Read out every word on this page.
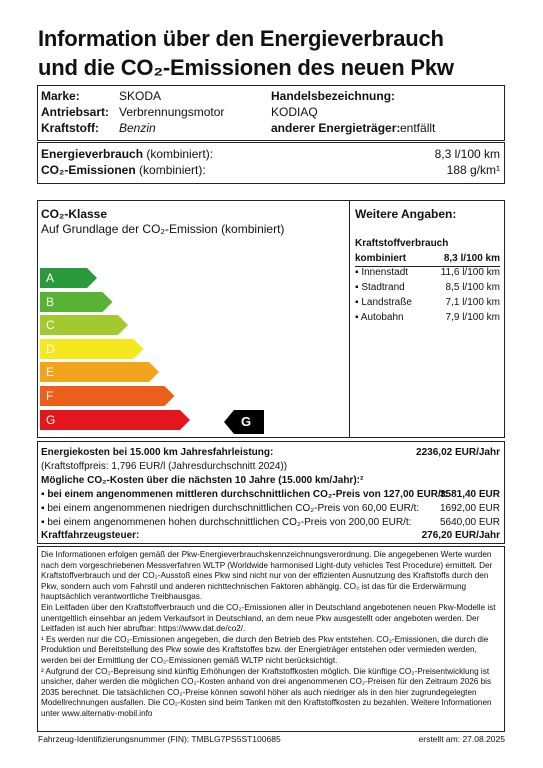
Information über den Energieverbrauch
und die CO₂-Emissionen des neuen Pkw
Marke:	SKODA
Antriebsart: Verbrennungsmotor
Kraftstoff: Benzin
Handelsbezeichnung:
KODIAQ
anderer Energieträger: entfällt
Energieverbrauch (kombiniert):	8,3 l/100 km
CO₂-Emissionen (kombiniert):	188 g/km¹
CO₂-Klasse
Auf Grundlage der CO₂-Emission (kombiniert)
Weitere Angaben:
Kraftstoffverbrauch
kombiniert	8,3 l/100 km
▪ Innenstadt	11,6 l/100 km
▪ Stadtrand	8,5 l/100 km
▪ Landstraße	7,1 l/100 km
▪ Autobahn	7,9 l/100 km
A
B
C
D
E
F
G	G
Energiekosten bei 15.000 km Jahresfahrleistung:	2236,02 EUR/Jahr
(Kraftstoffpreis: 1,796 EUR/l (Jahresdurchschnitt 2024))
Mögliche CO₂-Kosten über die nächsten 10 Jahre (15.000 km/Jahr):²
▪ bei einem angenommenen mittleren durchschnittlichen CO₂-Preis von 127,00 EUR/t:
3581,40 EUR
▪ bei einem angenommenen niedrigen durchschnittlichen CO₂-Preis von 60,00 EUR/t: 1692,00 EUR
▪ bei einem angenommenen hohen durchschnittlichen CO₂-Preis von 200,00 EUR/t:	5640,00 EUR
Kraftfahrzeugsteuer:	276,20 EUR/Jahr

Die Informationen erfolgen gemäß der Pkw-Energieverbrauchskennzeichnungsverordnung. Die angegebenen Werte wurden nach dem vorgeschriebenen Messverfahren WLTP (Worldwide harmonised Light-duty vehicles Test Procedure) ermittelt. Der Kraftstoffverbrauch und der CO₂-Ausstoß eines Pkw sind nicht nur von der effizienten Ausnutzung des Kraftstoffs durch den Pkw, sondern auch vom Fahrstil und anderen nichttechnischen Faktoren abhängig. CO₂ ist das für die Erderwärmung hauptsächlich verantwortliche Treibhausgas.

Ein Leitfaden über den Kraftstoffverbrauch und die CO₂-Emissionen aller in Deutschland angebotenen neuen Pkw-Modelle ist unentgeltlich einsehbar an jedem Verkaufsort in Deutschland, an dem neue Pkw ausgestellt oder angeboten werden. Der Leitfaden ist auch hier abrufbar: https://www.dat.de/co2/.

¹ Es werden nur die CO₂-Emissionen angegeben, die durch den Betrieb des Pkw entstehen. CO₂-Emissionen, die durch die Produktion und Bereitstellung des Pkw sowie des Kraftstoffes bzw. der Energieträger entstehen oder vermieden werden, werden bei der Ermittlung der CO₂-Emissionen gemäß WLTP nicht berücksichtigt.

² Aufgrund der CO₂-Bepreisung sind künftig Erhöhungen der Kraftstoffkosten möglich. Die künftige CO₂-Preisentwicklung ist unsicher, daher werden die möglichen CO₂-Kosten anhand von drei angenommenen CO₂-Preisen für den Zeitraum 2026 bis 2035 berechnet. Die tatsächlichen CO₂-Preise können sowohl höher als auch niedriger als in den hier zugrundegelegten Modellrechnungen ausfallen. Die CO₂-Kosten sind beim Tanken mit den Kraftstoffkosten zu bezahlen. Weitere Informationen unter www.alternativ-mobil.info

Fahrzeug-Identifizierungsnummer (FIN): TMBLG7PS5ST100685	erstellt am: 27.08.2025
